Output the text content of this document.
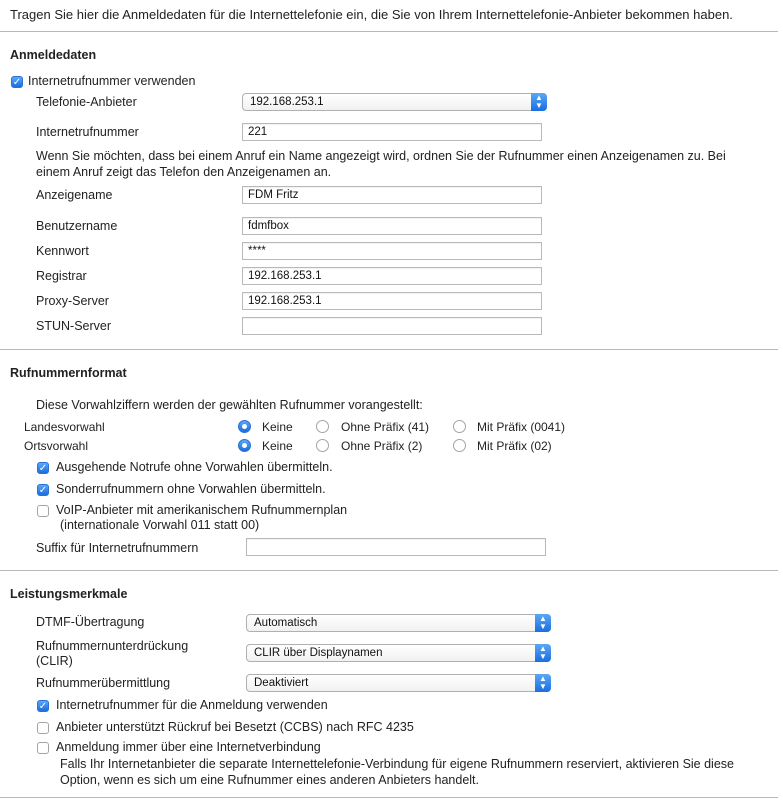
Tragen Sie hier die Anmeldedaten für die Internettelefonie ein, die Sie von Ihrem Internettelefonie-Anbieter bekommen haben.
Anmeldedaten
✓ Internetrufnummer verwenden
Telefonie-Anbieter	192.168.253.1	▲
▼
Internetrufnummer	221
Wenn Sie möchten, dass bei einem Anruf ein Name angezeigt wird, ordnen Sie der Rufnummer einen Anzeigenamen zu. Bei
einem Anruf zeigt das Telefon den Anzeigenamen an.
Anzeigename	FDM Fritz
Benutzername	fdmfbox
Kennwort	****
Registrar	192.168.253.1
Proxy-Server	192.168.253.1
STUN-Server
Rufnummernformat
Diese Vorwahlziffern werden der gewählten Rufnummer vorangestellt:
Landesvorwahl	Keine	Ohne Präfix (41)	Mit Präfix (0041)
Ortsvorwahl	Keine	Ohne Präfix (2)	Mit Präfix (02)
✓ Ausgehende Notrufe ohne Vorwahlen übermitteln.
✓ Sonderrufnummern ohne Vorwahlen übermitteln.
VoIP-Anbieter mit amerikanischem Rufnummernplan
(internationale Vorwahl 011 statt 00)
Suffix für Internetrufnummern
Leistungsmerkmale
DTMF-Übertragung	Automatisch	▲
▼
Rufnummernunterdrückung
(CLIR)
CLIR über Displaynamen	▲
▼
Rufnummerübermittlung	Deaktiviert	▲
▼
✓ Internetrufnummer für die Anmeldung verwenden
Anbieter unterstützt Rückruf bei Besetzt (CCBS) nach RFC 4235
Anmeldung immer über eine Internetverbindung
Falls Ihr Internetanbieter die separate Internettelefonie-Verbindung für eigene Rufnummern reserviert, aktivieren Sie diese
Option, wenn es sich um eine Rufnummer eines anderen Anbieters handelt.
